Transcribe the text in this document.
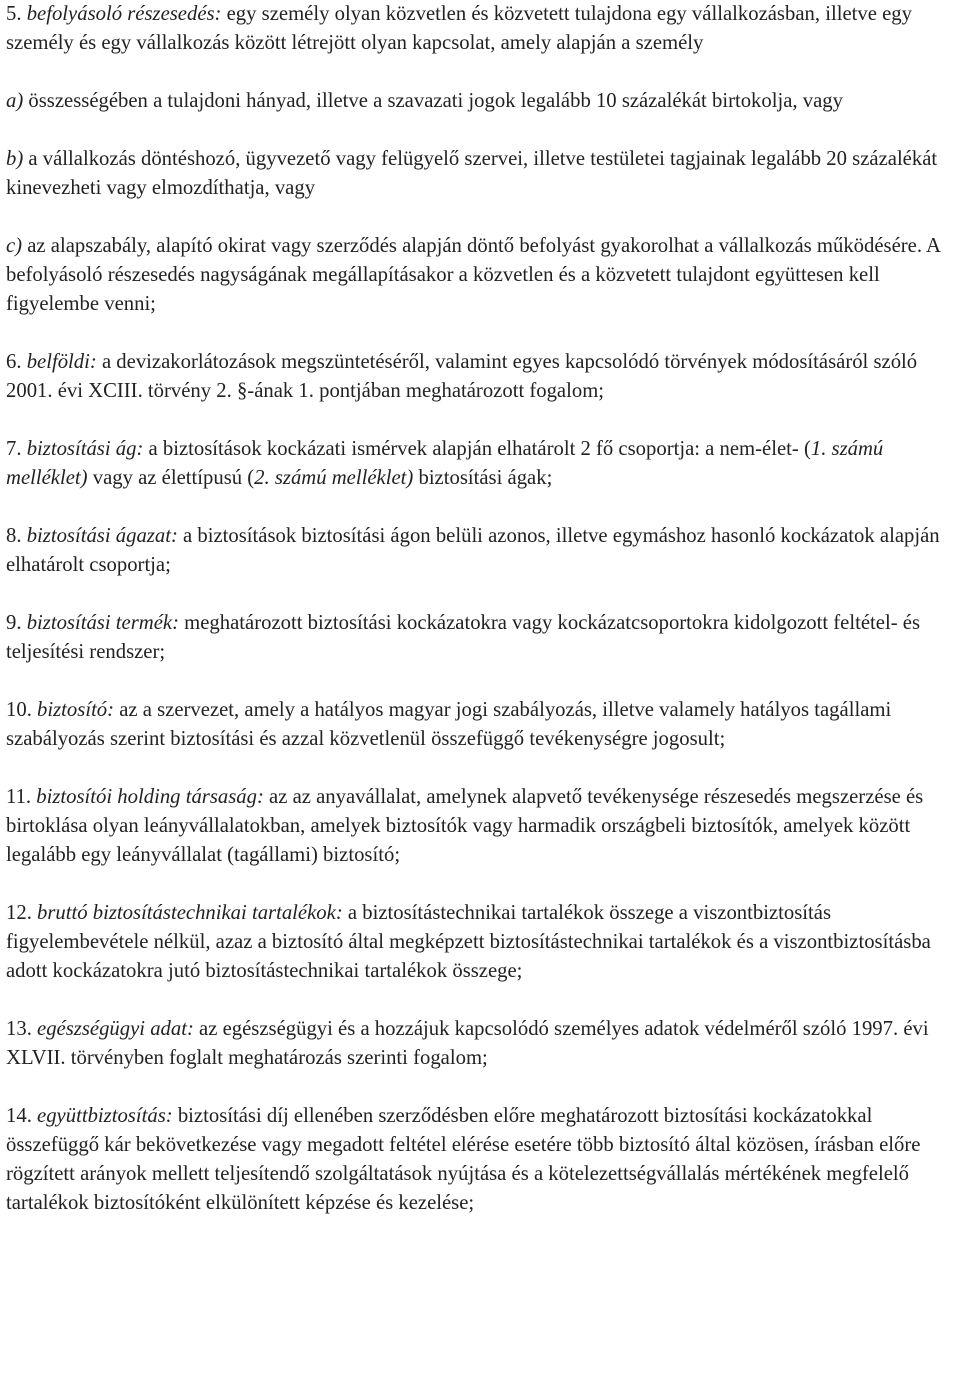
5. befolyásoló részesedés: egy személy olyan közvetlen és közvetett tulajdona egy vállalkozásban, illetve egy személy és egy vállalkozás között létrejött olyan kapcsolat, amely alapján a személy

a) összességében a tulajdoni hányad, illetve a szavazati jogok legalább 10 százalékát birtokolja, vagy

b) a vállalkozás döntéshozó, ügyvezető vagy felügyelő szervei, illetve testületei tagjainak legalább 20 százalékát kinevezheti vagy elmozdíthatja, vagy

c) az alapszabály, alapító okirat vagy szerződés alapján döntő befolyást gyakorolhat a vállalkozás működésére. A befolyásoló részesedés nagyságának megállapításakor a közvetlen és a közvetett tulajdont együttesen kell figyelembe venni;

6. belföldi: a devizakorlátozások megszüntetéséről, valamint egyes kapcsolódó törvények módosításáról szóló 2001. évi XCIII. törvény 2. §-ának 1. pontjában meghatározott fogalom;

7. biztosítási ág: a biztosítások kockázati ismérvek alapján elhatárolt 2 fő csoportja: a nem-élet- (1. számú melléklet) vagy az élettípusú (2. számú melléklet) biztosítási ágak;

8. biztosítási ágazat: a biztosítások biztosítási ágon belüli azonos, illetve egymáshoz hasonló kockázatok alapján elhatárolt csoportja;

9. biztosítási termék: meghatározott biztosítási kockázatokra vagy kockázatcsoportokra kidolgozott feltétel- és teljesítési rendszer;

10. biztosító: az a szervezet, amely a hatályos magyar jogi szabályozás, illetve valamely hatályos tagállami szabályozás szerint biztosítási és azzal közvetlenül összefüggő tevékenységre jogosult;

11. biztosítói holding társaság: az az anyavállalat, amelynek alapvető tevékenysége részesedés megszerzése és birtoklása olyan leányvállalatokban, amelyek biztosítók vagy harmadik országbeli biztosítók, amelyek között legalább egy leányvállalat (tagállami) biztosító;

12. bruttó biztosítástechnikai tartalékok: a biztosítástechnikai tartalékok összege a viszontbiztosítás figyelembevétele nélkül, azaz a biztosító által megképzett biztosítástechnikai tartalékok és a viszontbiztosításba adott kockázatokra jutó biztosítástechnikai tartalékok összege;

13. egészségügyi adat: az egészségügyi és a hozzájuk kapcsolódó személyes adatok védelméről szóló 1997. évi XLVII. törvényben foglalt meghatározás szerinti fogalom;

14. együttbiztosítás: biztosítási díj ellenében szerződésben előre meghatározott biztosítási kockázatokkal összefüggő kár bekövetkezése vagy megadott feltétel elérése esetére több biztosító által közösen, írásban előre rögzített arányok mellett teljesítendő szolgáltatások nyújtása és a kötelezettségvállalás mértékének megfelelő tartalékok biztosítóként elkülönített képzése és kezelése;
